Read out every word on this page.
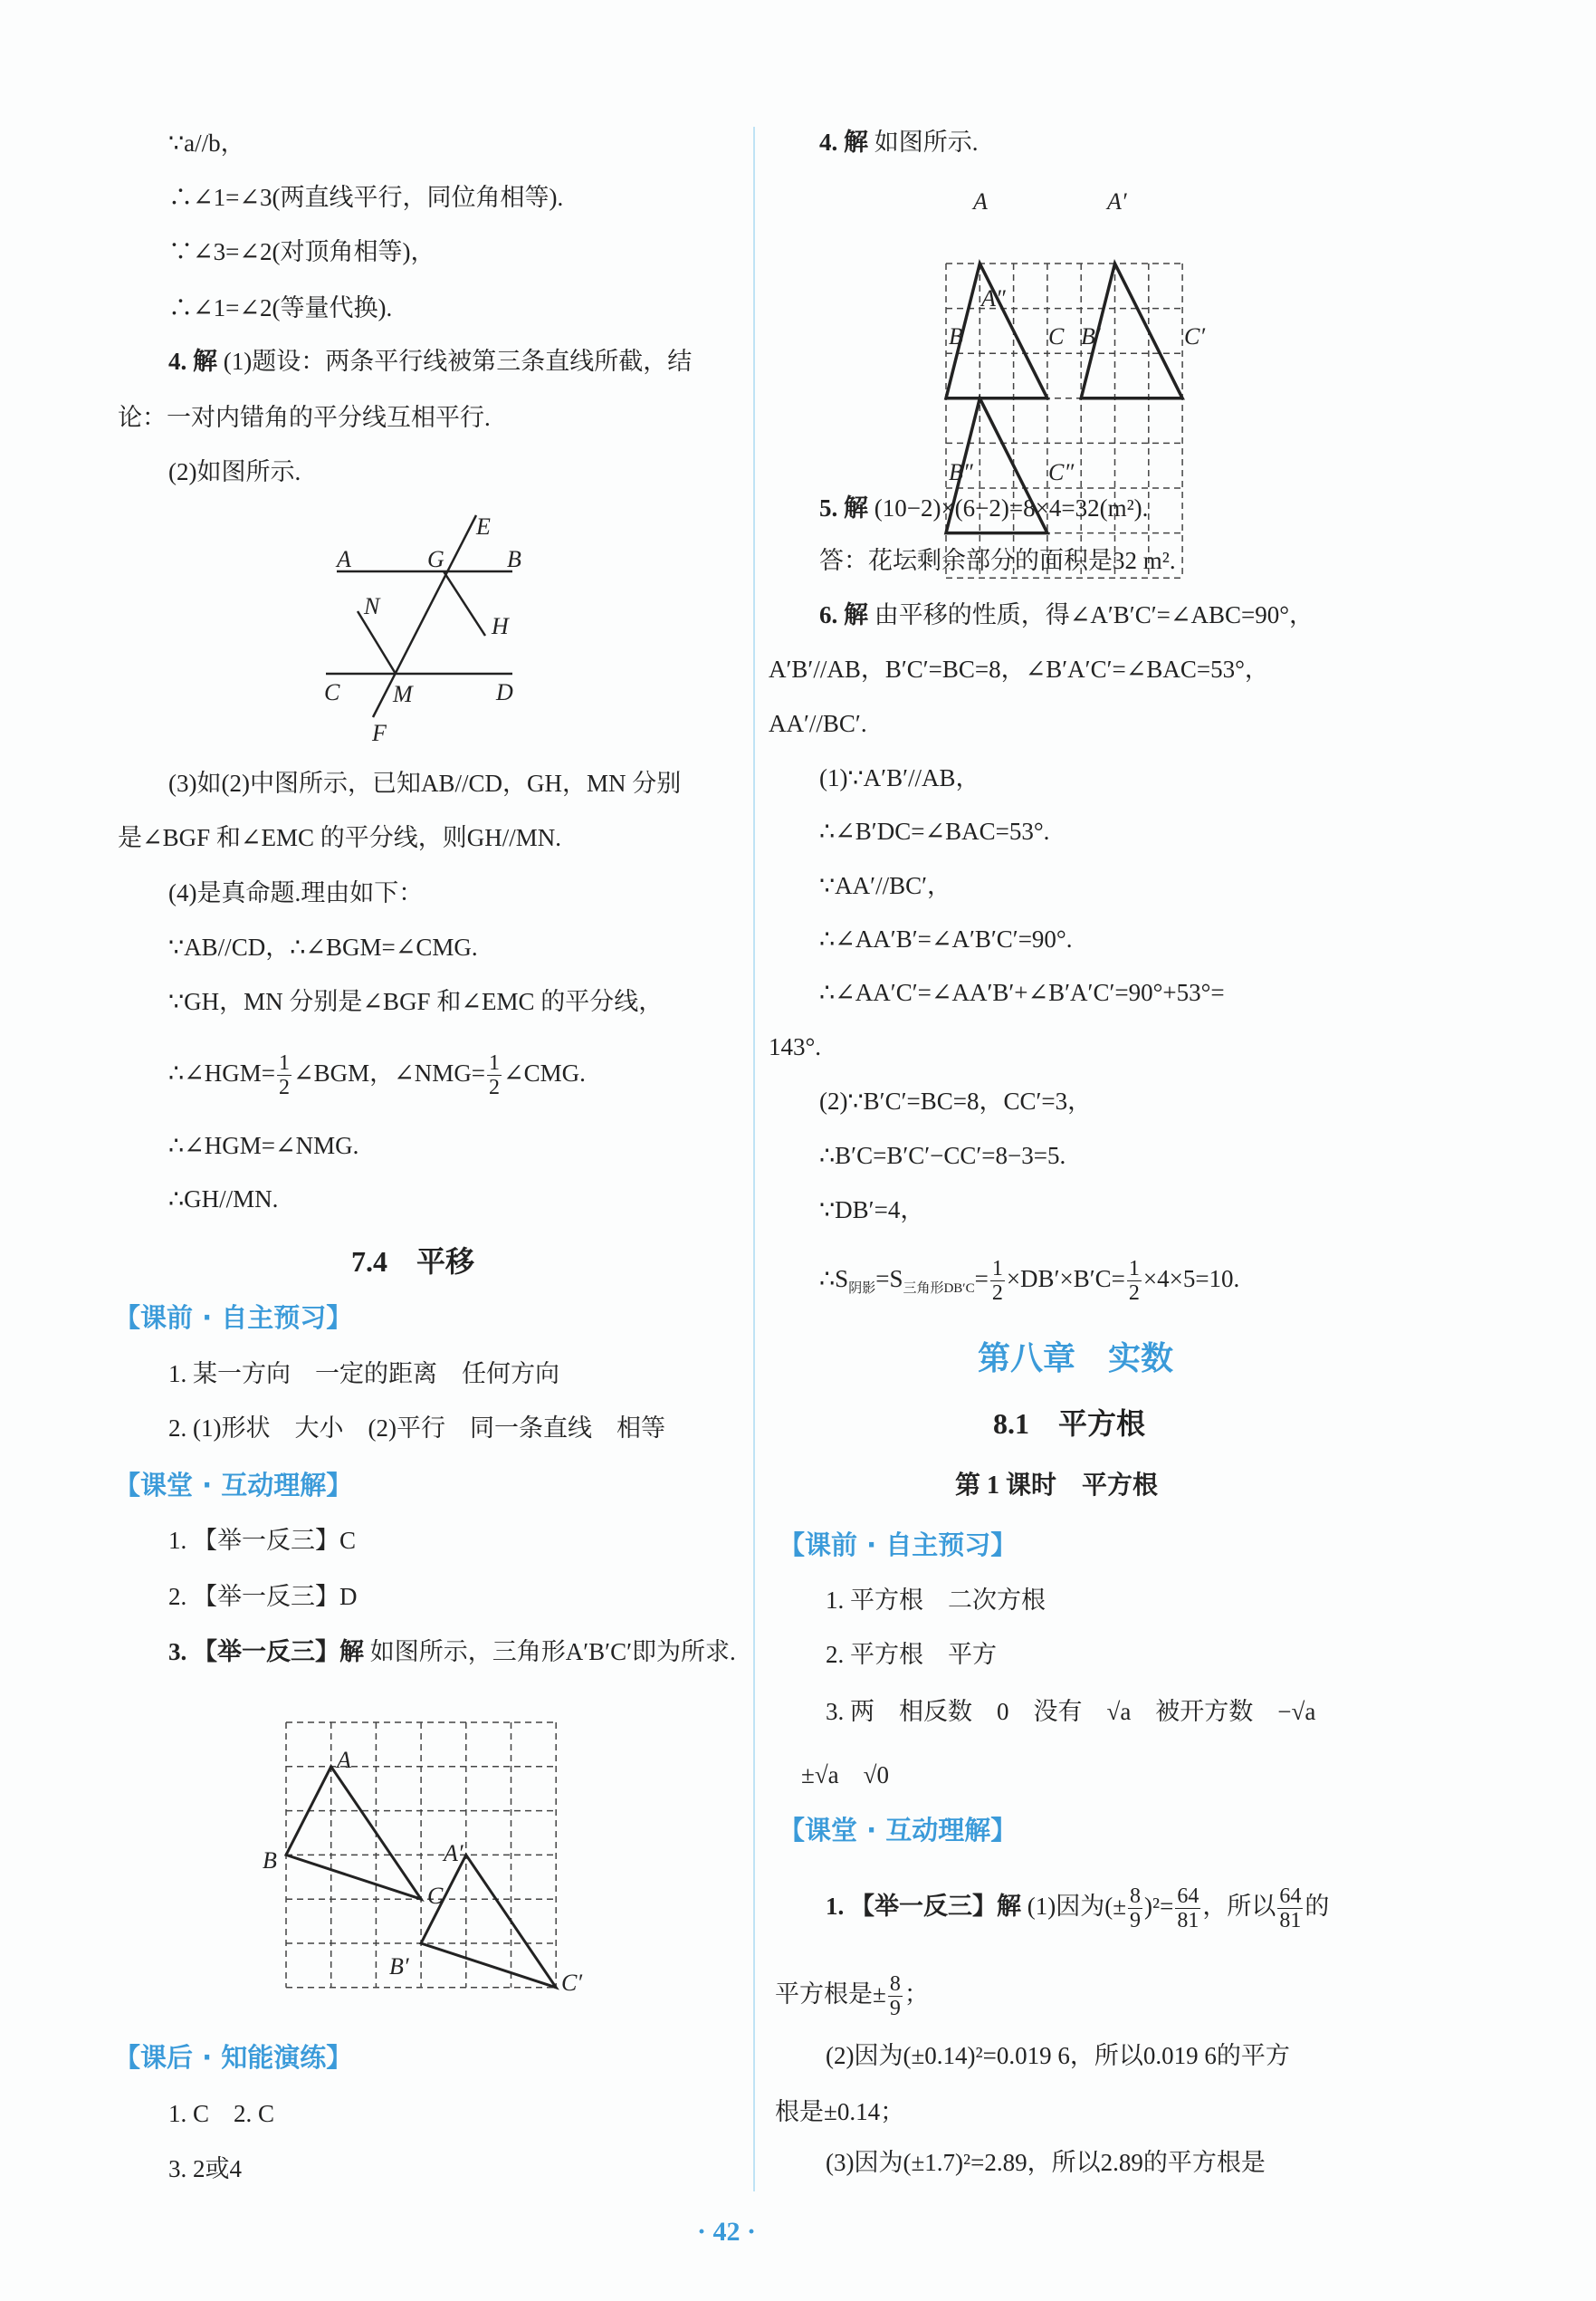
∵a//b，
∴∠1=∠3(两直线平行，同位角相等).
∵∠3=∠2(对顶角相等)，
∴∠1=∠2(等量代换).
4. 解 (1)题设：两条平行线被第三条直线所截，结
论：一对内错角的平分线互相平行.
(2)如图所示.
A	G	B
E
N
H
C M	D
F
(3)如(2)中图所示，已知AB//CD，GH，MN 分别
是∠BGF 和∠EMC 的平分线，则GH//MN.
(4)是真命题.理由如下：
∵AB//CD，∴∠BGM=∠CMG.
∵GH，MN 分别是∠BGF 和∠EMC 的平分线，
∴∠HGM= $\frac{1}{2}$ ∠BGM，∠NMG= $\frac{1}{2}$ ∠CMG.
∴∠HGM=∠NMG.
∴GH//MN.
7.4　平移
【课前 · 自主预习】
1. 某一方向　一定的距离　任何方向
2. (1)形状　大小　(2)平行　同一条直线　相等
【课堂 · 互动理解】
1. 【举一反三】C
2. 【举一反三】D
3. 【举一反三】解 如图所示，三角形A′B′C′即为所求.
A
B
C
A′
B′
C′
【课后 · 知能演练】
1. C　2. C
3. 2或4
4. 解 如图所示.
A
B	C
A′
B′	C′
A″
B″	C″
5. 解 (10−2)×(6−2)=8×4=32(m²).
答：花坛剩余部分的面积是32 m².
6. 解 由平移的性质，得∠A′B′C′=∠ABC=90°，
A′B′//AB，B′C′=BC=8，∠B′A′C′=∠BAC=53°，
AA′//BC′.
(1)∵A′B′//AB，
∴∠B′DC=∠BAC=53°.
∵AA′//BC′，
∴∠AA′B′=∠A′B′C′=90°.
∴∠AA′C′=∠AA′B′+∠B′A′C′=90°+53°=
143°.
(2)∵B′C′=BC=8，CC′=3，
∴B′C=B′C′−CC′=8−3=5.
∵DB′=4，
$\therefore S_{阴影}=S_{三角形DB'C}= \frac{1}{2} \times DB'\times B'C= \frac{1}{2} \times 4\times 5=10$.
第八章　实数
8.1　平方根
第 1 课时　平方根
【课前 · 自主预习】
1. 平方根　二次方根
2. 平方根　平方
3. 两　相反数　0　没有　√a　被开方数　−√a
±√a　√0
【课堂 · 互动理解】
1. 【举一反三】解 (1)因为(± $\frac{8}{9} )^2= \frac{64}{81}$ ，所以 $\frac{64}{81}$ 的
平方根是± $\frac{8}{9}$ ；
(2)因为(±0.14)²=0.019 6，所以0.019 6的平方
根是±0.14；
(3)因为(±1.7)²=2.89，所以2.89的平方根是
· 42 ·
